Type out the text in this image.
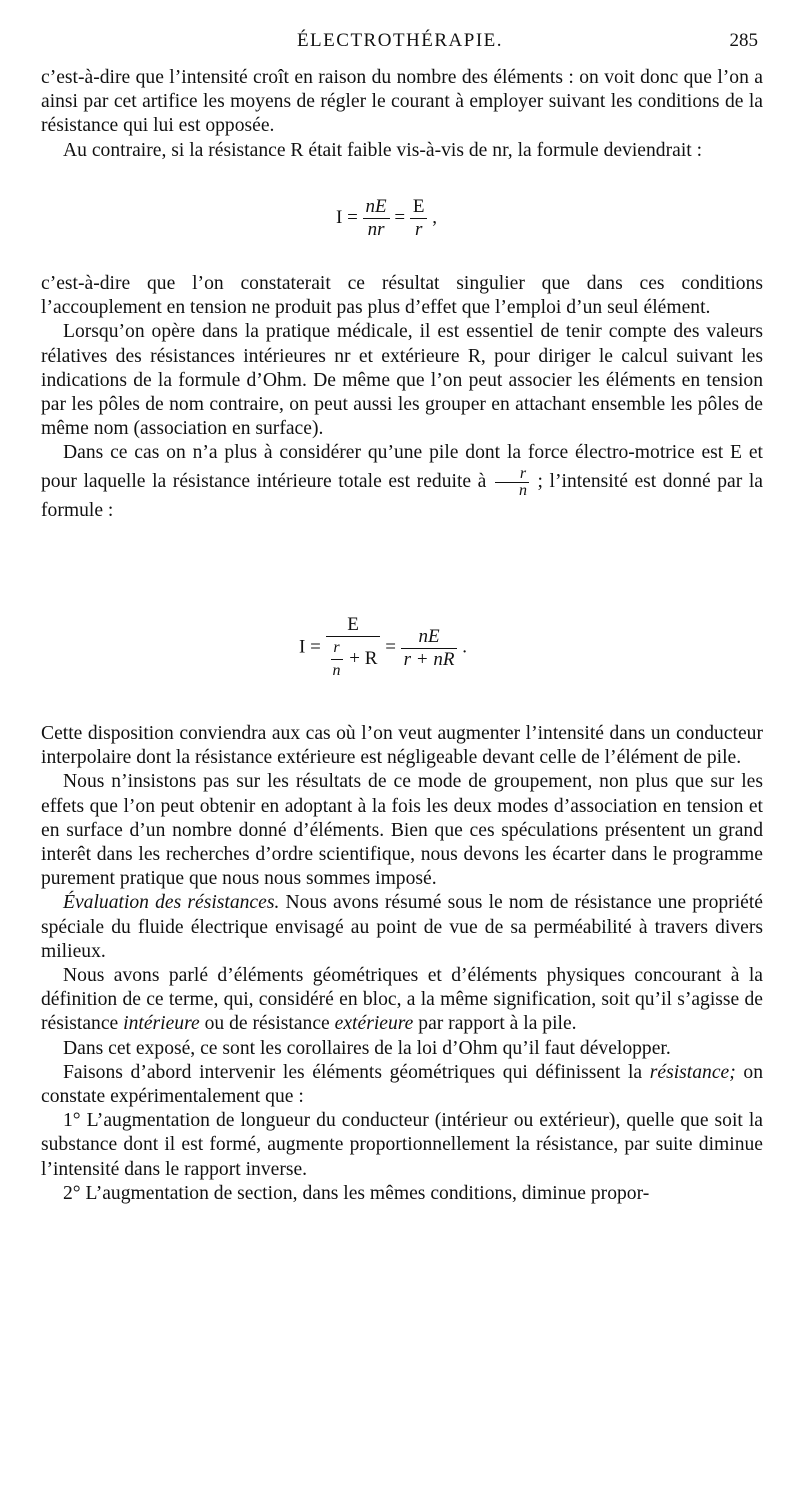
ÉLECTROTHÉRAPIE.	285

c’est-à-dire que l’intensité croît en raison du nombre des éléments : on voit donc que l’on a ainsi par cet artifice les moyens de régler le courant à employer suivant les conditions de la résistance qui lui est opposée.

Au contraire, si la résistance R était faible vis-à-vis de nr, la formule deviendrait :

$I = \frac{nE}{nr} = \frac{E}{r}$ ,

c’est-à-dire que l’on constaterait ce résultat singulier que dans ces conditions l’accouplement en tension ne produit pas plus d’effet que l’emploi d’un seul élément.

Lorsqu’on opère dans la pratique médicale, il est essentiel de tenir compte des valeurs rélatives des résistances intérieures nr et extérieure R, pour diriger le calcul suivant les indications de la formule d’Ohm. De même que l’on peut associer les éléments en tension par les pôles de nom contraire, on peut aussi les grouper en attachant ensemble les pôles de même nom (association en surface).

Dans ce cas on n’a plus à considérer qu’une pile dont la force électro-motrice est E et pour laquelle la résistance intérieure totale est reduite à $\frac{r}{n}$ ; l’intensité est donné par la formule :

$I = \frac{E}{\frac{r}{n} + R} = \frac{nE}{r + nR}$ .

Cette disposition conviendra aux cas où l’on veut augmenter l’intensité dans un conducteur interpolaire dont la résistance extérieure est négligeable devant celle de l’élément de pile.

Nous n’insistons pas sur les résultats de ce mode de groupement, non plus que sur les effets que l’on peut obtenir en adoptant à la fois les deux modes d’association en tension et en surface d’un nombre donné d’éléments. Bien que ces spéculations présentent un grand interêt dans les recherches d’ordre scientifique, nous devons les écarter dans le programme purement pratique que nous nous sommes imposé.

Évaluation des résistances. Nous avons résumé sous le nom de résistance une propriété spéciale du fluide électrique envisagé au point de vue de sa perméabilité à travers divers milieux.

Nous avons parlé d’éléments géométriques et d’éléments physiques concourant à la définition de ce terme, qui, considéré en bloc, a la même signification, soit qu’il s’agisse de résistance intérieure ou de résistance extérieure par rapport à la pile.

Dans cet exposé, ce sont les corollaires de la loi d’Ohm qu’il faut développer.

Faisons d’abord intervenir les éléments géométriques qui définissent la résistance; on constate expérimentalement que :

1° L’augmentation de longueur du conducteur (intérieur ou extérieur), quelle que soit la substance dont il est formé, augmente proportionnellement la résistance, par suite diminue l’intensité dans le rapport inverse.

2° L’augmentation de section, dans les mêmes conditions, diminue propor-
